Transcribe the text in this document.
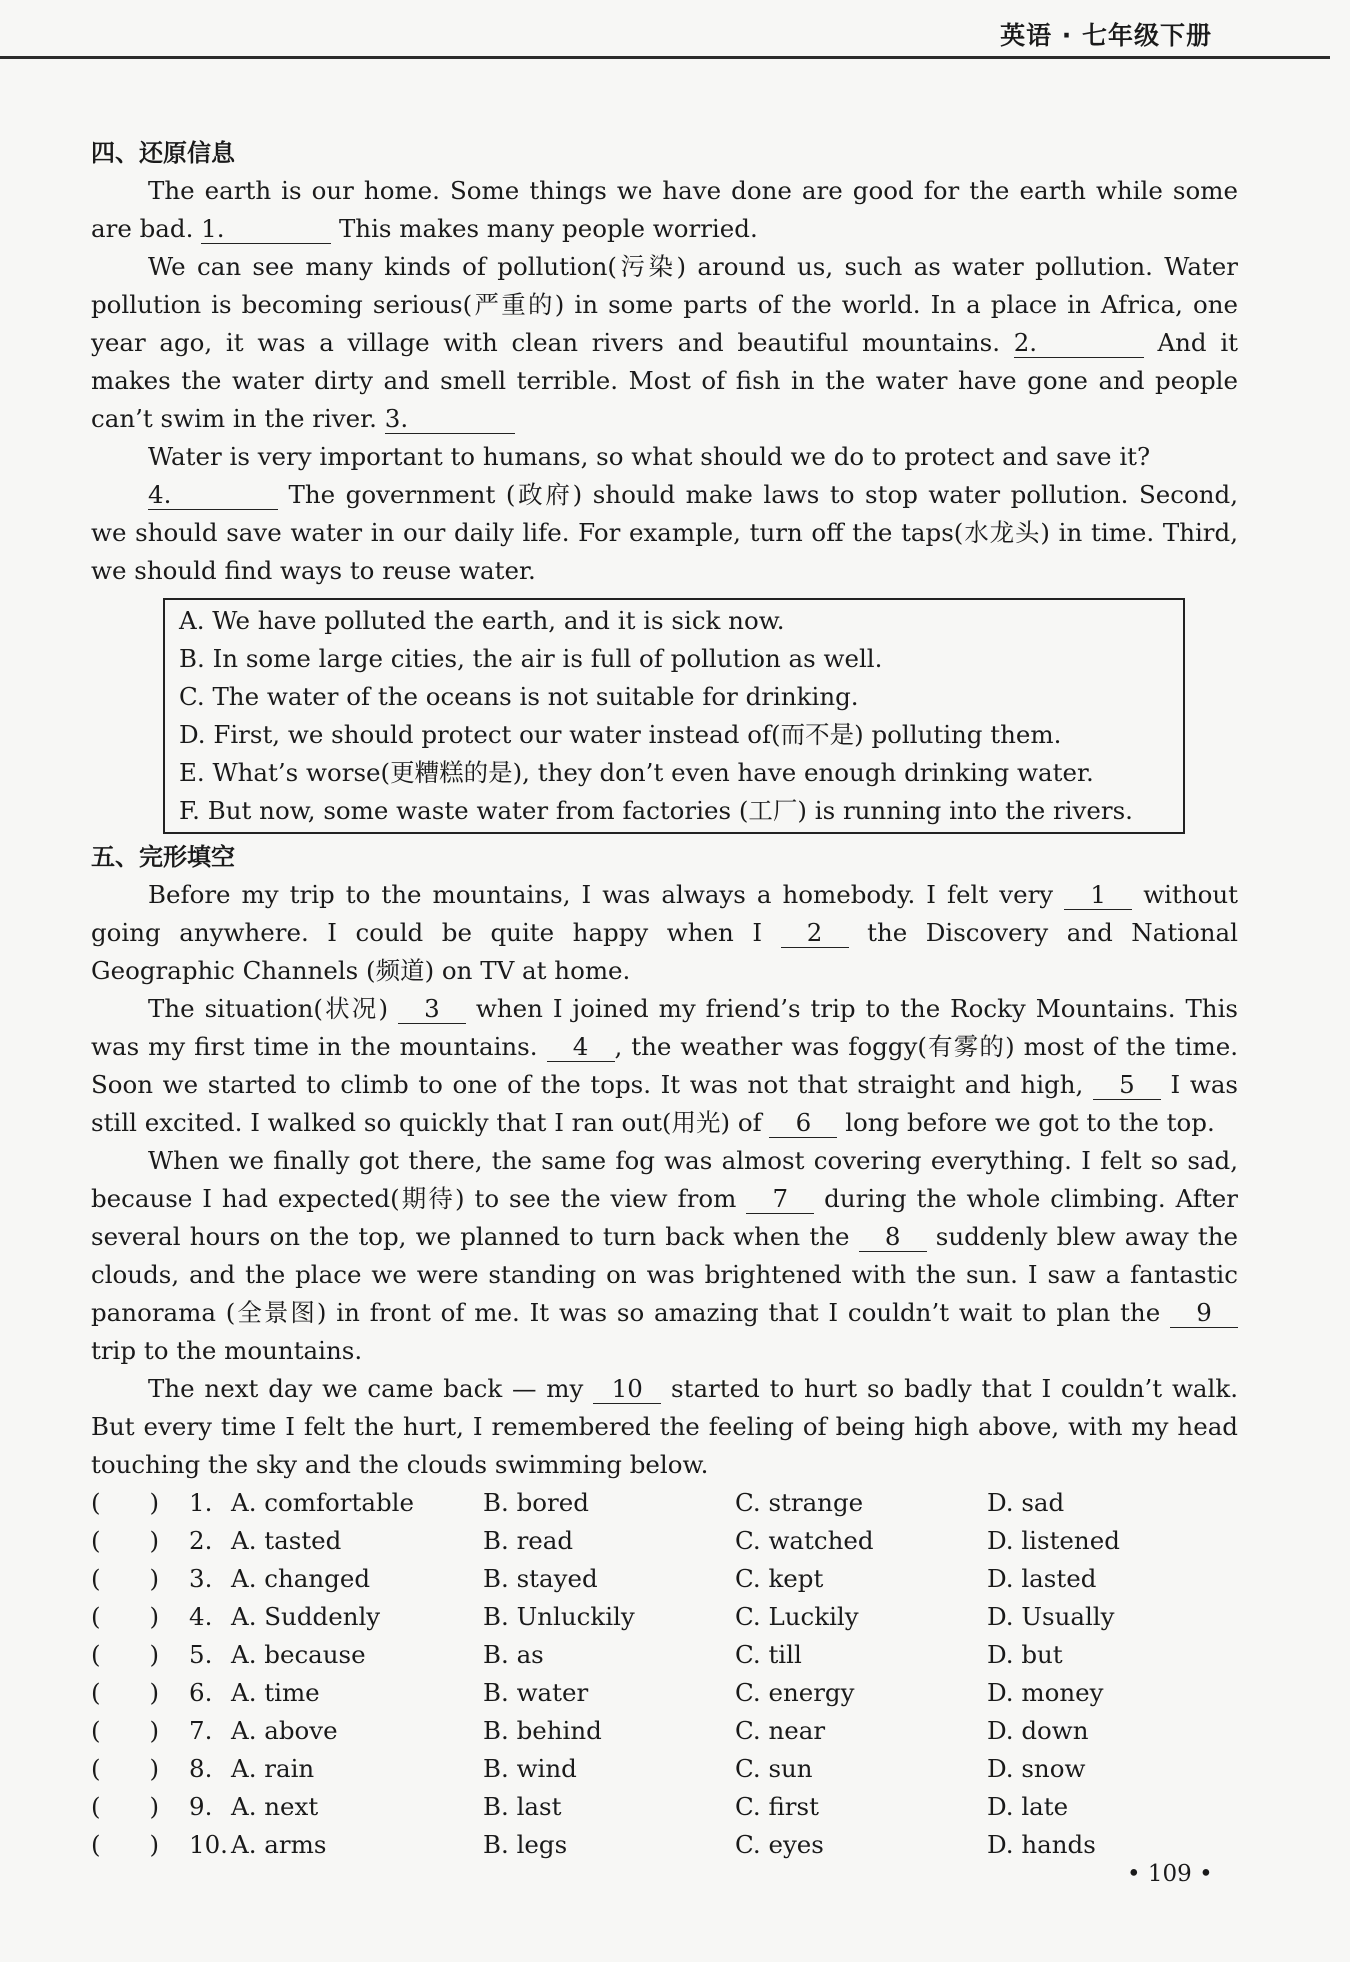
英语 · 七年级下册
四、还原信息

The earth is our home. Some things we have done are good for the earth while some are bad. 1.	This makes many people worried.

We can see many kinds of pollution(污染) around us, such as water pollution. Water pollution is becoming serious(严重的) in some parts of the world. In a place in Africa, one year ago, it was a village with clean rivers and beautiful mountains. 2.	And it makes the water dirty and smell terrible. Most of fish in the water have gone and people can’t swim in the river. 3.

Water is very important to humans, so what should we do to protect and save it?

4.	The government (政府) should make laws to stop water pollution. Second, we should save water in our daily life. For example, turn off the taps(水龙头) in time. Third, we should find ways to reuse water.

A. We have polluted the earth, and it is sick now.
B. In some large cities, the air is full of pollution as well.
C. The water of the oceans is not suitable for drinking.
D. First, we should protect our water instead of(而不是) polluting them.
E. What’s worse(更糟糕的是), they don’t even have enough drinking water.
F. But now, some waste water from factories (工厂) is running into the rivers.
五、完形填空

Before my trip to the mountains, I was always a homebody. I felt very 1 without going anywhere. I could be quite happy when I 2 the Discovery and National Geographic Channels (频道) on TV at home.

The situation(状况) 3 when I joined my friend’s trip to the Rocky Mountains. This was my first time in the mountains. 4 , the weather was foggy(有雾的) most of the time. Soon we started to climb to one of the tops. It was not that straight and high, 5 I was still excited. I walked so quickly that I ran out(用光) of 6 long before we got to the top.

When we finally got there, the same fog was almost covering everything. I felt so sad, because I had expected(期待) to see the view from 7 during the whole climbing. After several hours on the top, we planned to turn back when the 8 suddenly blew away the clouds, and the place we were standing on was brightened with the sun. I saw a fantastic panorama (全景图) in front of me. It was so amazing that I couldn’t wait to plan the 9 trip to the mountains.

The next day we came back — my 10 started to hurt so badly that I couldn’t walk. But every time I felt the hurt, I remembered the feeling of being high above, with my head touching the sky and the clouds swimming below.

(　　)	1. A. comfortable	B. bored	C. strange	D. sad
(　　)	2. A. tasted	B. read	C. watched	D. listened
(　　)	3. A. changed	B. stayed	C. kept	D. lasted
(　　)	4. A. Suddenly	B. Unluckily	C. Luckily	D. Usually
(　　)	5. A. because	B. as	C. till	D. but
(　　)	6. A. time	B. water	C. energy	D. money
(　　)	7. A. above	B. behind	C. near	D. down
(　　)	8. A. rain	B. wind	C. sun	D. snow
(　　)	9. A. next	B. last	C. first	D. late
(　　)	10. A. arms	B. legs	C. eyes	D. hands
• 109 •
